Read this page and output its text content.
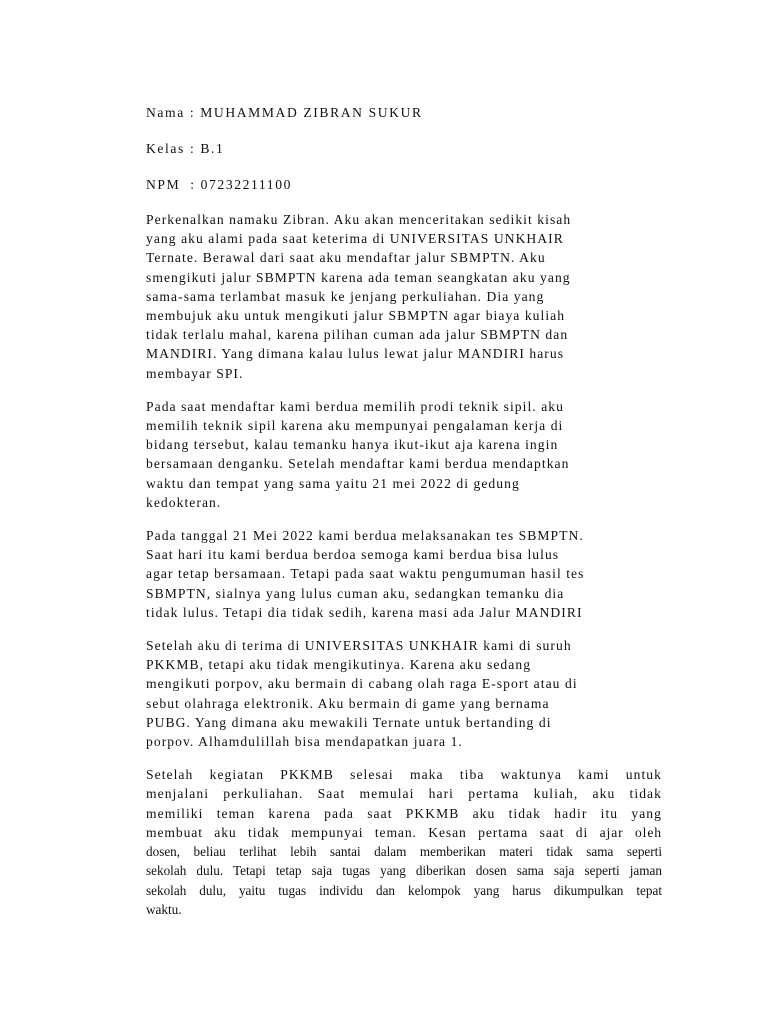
Nama : MUHAMMAD ZIBRAN SUKUR
Kelas : B.1
NPM  : 07232211100
Perkenalkan namaku Zibran. Aku akan menceritakan sedikit kisah
yang aku alami pada saat keterima di UNIVERSITAS UNKHAIR
Ternate. Berawal dari saat aku mendaftar jalur SBMPTN. Aku
smengikuti jalur SBMPTN karena ada teman seangkatan aku yang
sama-sama terlambat masuk ke jenjang perkuliahan. Dia yang
membujuk aku untuk mengikuti jalur SBMPTN agar biaya kuliah
tidak terlalu mahal, karena pilihan cuman ada jalur SBMPTN dan
MANDIRI. Yang dimana kalau lulus lewat jalur MANDIRI harus
membayar SPI.
Pada saat mendaftar kami berdua memilih prodi teknik sipil. aku
memilih teknik sipil karena aku mempunyai pengalaman kerja di
bidang tersebut, kalau temanku hanya ikut-ikut aja karena ingin
bersamaan denganku. Setelah mendaftar kami berdua mendaptkan
waktu dan tempat yang sama yaitu 21 mei 2022 di gedung
kedokteran.
Pada tanggal 21 Mei 2022 kami berdua melaksanakan tes SBMPTN.
Saat hari itu kami berdua berdoa semoga kami berdua bisa lulus
agar tetap bersamaan. Tetapi pada saat waktu pengumuman hasil tes
SBMPTN, sialnya yang lulus cuman aku, sedangkan temanku dia
tidak lulus. Tetapi dia tidak sedih, karena masi ada Jalur MANDIRI
Setelah aku di terima di UNIVERSITAS UNKHAIR kami di suruh
PKKMB, tetapi aku tidak mengikutinya. Karena aku sedang
mengikuti porpov, aku bermain di cabang olah raga E-sport atau di
sebut olahraga elektronik. Aku bermain di game yang bernama
PUBG. Yang dimana aku mewakili Ternate untuk bertanding di
porpov. Alhamdulillah bisa mendapatkan juara 1.
Setelah kegiatan PKKMB selesai maka tiba waktunya kami untuk
menjalani perkuliahan. Saat memulai hari pertama kuliah, aku tidak
memiliki teman karena pada saat PKKMB aku tidak hadir itu yang
membuat aku tidak mempunyai teman. Kesan pertama saat di ajar oleh
dosen, beliau terlihat lebih santai dalam memberikan materi tidak sama seperti
sekolah dulu. Tetapi tetap saja tugas yang diberikan dosen sama saja seperti jaman
sekolah dulu, yaitu tugas individu dan kelompok yang harus dikumpulkan tepat
waktu.
